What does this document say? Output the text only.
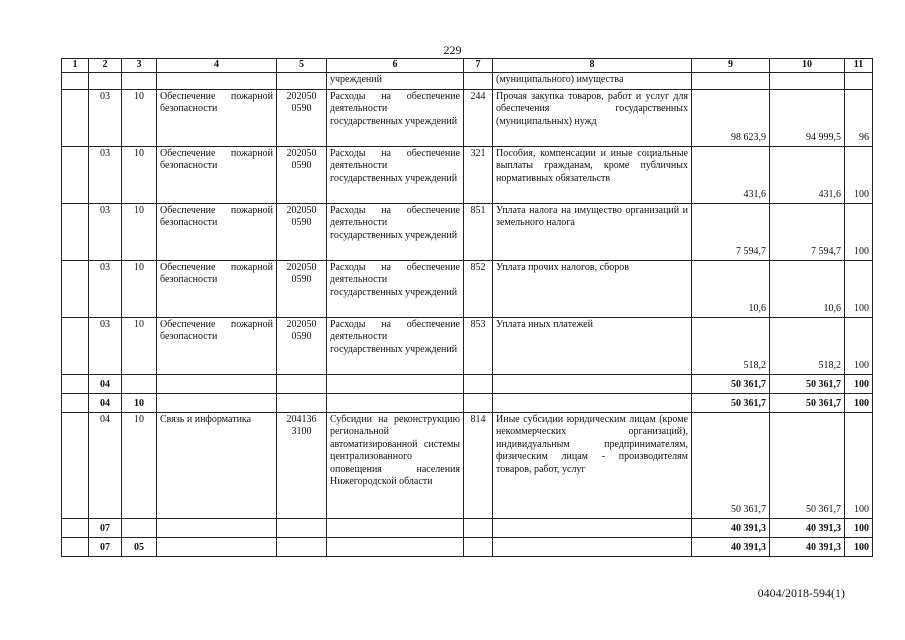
229
1	2	3	4	5	6	7	8	9	10	11
					учреждений		(муниципального) имущества			
	03	10	Обеспечение пожарной безопасности	202050 0590	Расходы на обеспечение деятельности государственных учреждений	244	Прочая закупка товаров, работ и услуг для обеспечения государственных (муниципальных) нужд	98 623,9	94 999,5	96
	03	10	Обеспечение пожарной безопасности	202050 0590	Расходы на обеспечение деятельности государственных учреждений	321	Пособия, компенсации и иные социальные выплаты гражданам, кроме публичных нормативных обязательств	431,6	431,6	100
	03	10	Обеспечение пожарной безопасности	202050 0590	Расходы на обеспечение деятельности государственных учреждений	851	Уплата налога на имущество организаций и земельного налога	7 594,7	7 594,7	100
	03	10	Обеспечение пожарной безопасности	202050 0590	Расходы на обеспечение деятельности государственных учреждений	852	Уплата прочих налогов, сборов	10,6	10,6	100
	03	10	Обеспечение пожарной безопасности	202050 0590	Расходы на обеспечение деятельности государственных учреждений	853	Уплата иных платежей	518,2	518,2	100
	04							50 361,7	50 361,7	100
	04	10						50 361,7	50 361,7	100
	04	10	Связь и информатика	204136 3100	Субсидии на реконструкцию региональной автоматизированной системы централизованного оповещения населения Нижегородской области	814	Иные субсидии юридическим лицам (кроме некоммерческих организаций), индивидуальным предпринимателям, физическим лицам - производителям товаров, работ, услуг	50 361,7	50 361,7	100
	07							40 391,3	40 391,3	100
	07	05						40 391,3	40 391,3	100
0404/2018-594(1)
